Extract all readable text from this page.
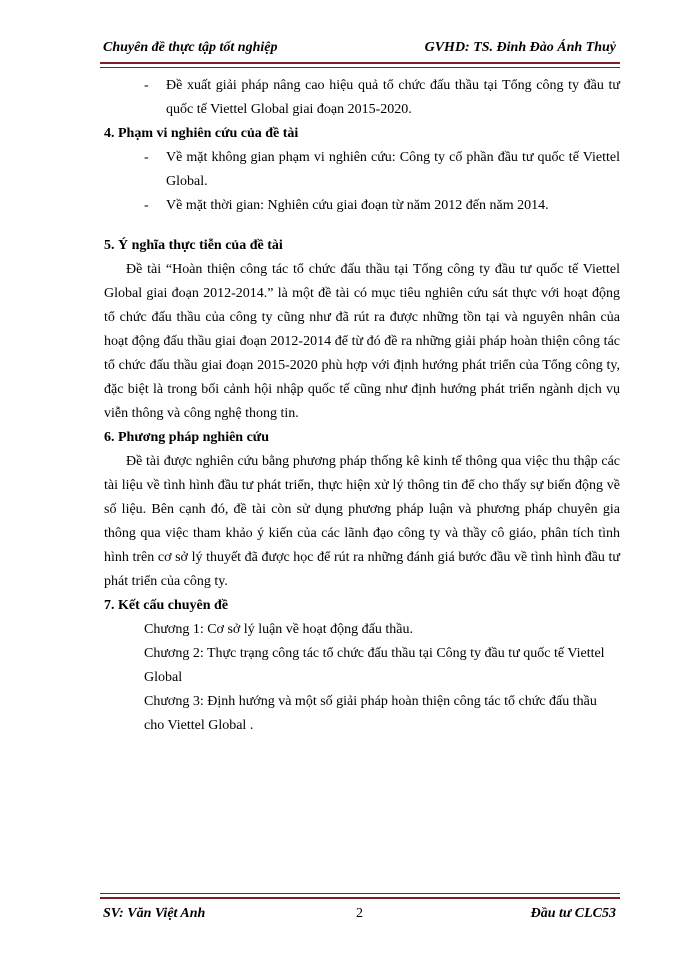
Chuyên đề thực tập tốt nghiệp	GVHD: TS. Đinh Đào Ánh Thuỷ
-	Đề xuất giải pháp nâng cao hiệu quả tổ chức đấu thầu tại Tổng công ty đầu tư quốc tế Viettel Global giai đoạn 2015-2020.

4. Phạm vi nghiên cứu của đề tài

-	Về mặt không gian phạm vi nghiên cứu: Công ty cổ phần đầu tư quốc tế Viettel Global.
-	Về mặt thời gian: Nghiên cứu giai đoạn từ năm 2012 đến năm 2014.

5. Ý nghĩa thực tiễn của đề tài

Đề tài “Hoàn thiện công tác tổ chức đấu thầu tại Tổng công ty đầu tư quốc tế Viettel Global giai đoạn 2012-2014.” là một đề tài có mục tiêu nghiên cứu sát thực với hoạt động tổ chức đấu thầu của công ty cũng như đã rút ra được những tồn tại và nguyên nhân của hoạt động đấu thầu giai đoạn 2012-2014 để từ đó đề ra những giải pháp hoàn thiện công tác tổ chức đấu thầu giai đoạn 2015-2020 phù hợp với định hướng phát triển của Tổng công ty, đặc biệt là trong bối cảnh hội nhập quốc tế cũng như định hướng phát triển ngành dịch vụ viễn thông và công nghệ thong tin.

6. Phương pháp nghiên cứu

Đề tài được nghiên cứu bằng phương pháp thống kê kinh tế thông qua việc thu thập các tài liệu về tình hình đầu tư phát triển, thực hiện xử lý thông tin để cho thấy sự biến động về số liệu. Bên cạnh đó, đề tài còn sử dụng phương pháp luận và phương pháp chuyên gia thông qua việc tham khảo ý kiến của các lãnh đạo công ty và thầy cô giáo, phân tích tình hình trên cơ sở lý thuyết đã được học để rút ra những đánh giá bước đầu về tình hình đầu tư phát triển của công ty.

7. Kết cấu chuyên đề

Chương 1: Cơ sở lý luận về hoạt động đấu thầu.

Chương 2: Thực trạng công tác tổ chức đấu thầu tại Công ty đầu tư quốc tế Viettel Global

Chương 3: Định hướng và một số giải pháp hoàn thiện công tác tổ chức đấu thầu cho Viettel Global .

SV: Văn Việt Anh	2	Đầu tư CLC53
